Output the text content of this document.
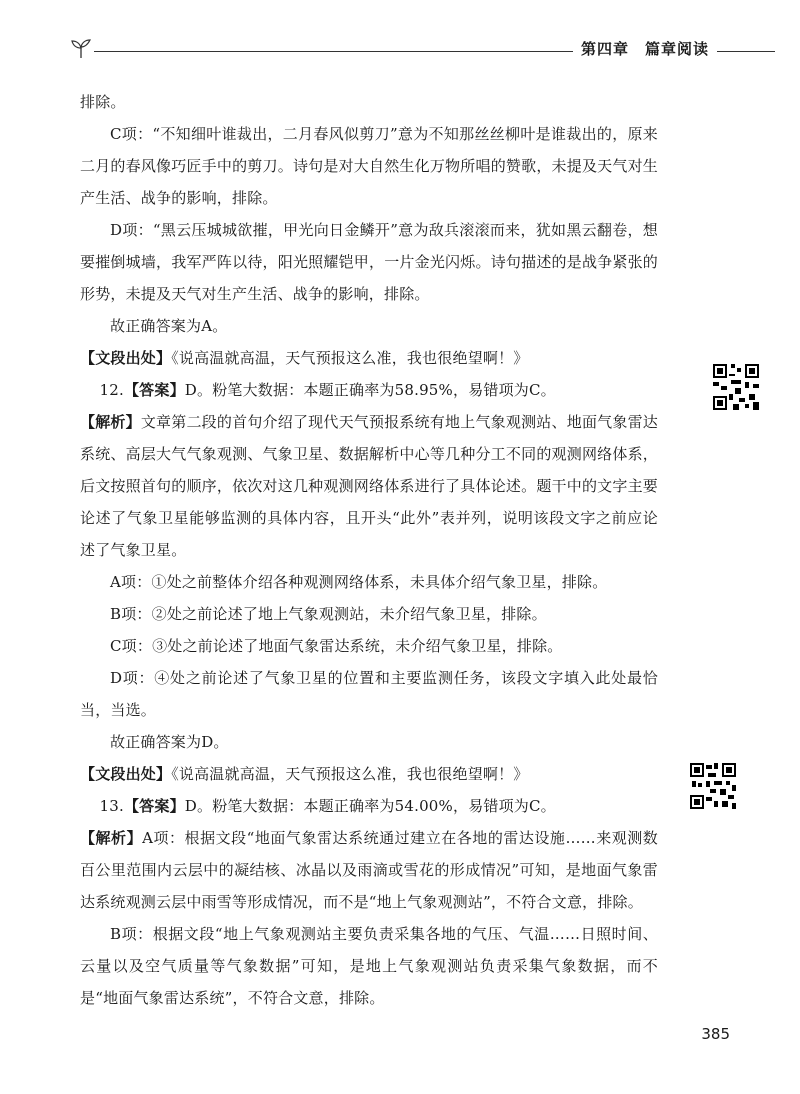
第四章　篇章阅读

排除。

C项：“不知细叶谁裁出，二月春风似剪刀”意为不知那丝丝柳叶是谁裁出的，原来二月的春风像巧匠手中的剪刀。诗句是对大自然生化万物所唱的赞歌，未提及天气对生产生活、战争的影响，排除。

D项：“黑云压城城欲摧，甲光向日金鳞开”意为敌兵滚滚而来，犹如黑云翻卷，想要摧倒城墙，我军严阵以待，阳光照耀铠甲，一片金光闪烁。诗句描述的是战争紧张的形势，未提及天气对生产生活、战争的影响，排除。

故正确答案为A。

【文段出处】《说高温就高温，天气预报这么准，我也很绝望啊！》

12.【答案】D。粉笔大数据：本题正确率为58.95%，易错项为C。

【解析】文章第二段的首句介绍了现代天气预报系统有地上气象观测站、地面气象雷达系统、高层大气气象观测、气象卫星、数据解析中心等几种分工不同的观测网络体系，后文按照首句的顺序，依次对这几种观测网络体系进行了具体论述。题干中的文字主要论述了气象卫星能够监测的具体内容，且开头“此外”表并列，说明该段文字之前应论述了气象卫星。

A项：①处之前整体介绍各种观测网络体系，未具体介绍气象卫星，排除。

B项：②处之前论述了地上气象观测站，未介绍气象卫星，排除。

C项：③处之前论述了地面气象雷达系统，未介绍气象卫星，排除。

D项：④处之前论述了气象卫星的位置和主要监测任务，该段文字填入此处最恰当，当选。

故正确答案为D。

【文段出处】《说高温就高温，天气预报这么准，我也很绝望啊！》

13.【答案】D。粉笔大数据：本题正确率为54.00%，易错项为C。

【解析】A项：根据文段“地面气象雷达系统通过建立在各地的雷达设施……来观测数百公里范围内云层中的凝结核、冰晶以及雨滴或雪花的形成情况”可知，是地面气象雷达系统观测云层中雨雪等形成情况，而不是“地上气象观测站”，不符合文意，排除。

B项：根据文段“地上气象观测站主要负责采集各地的气压、气温……日照时间、云量以及空气质量等气象数据”可知，是地上气象观测站负责采集气象数据，而不是“地面气象雷达系统”，不符合文意，排除。

385
